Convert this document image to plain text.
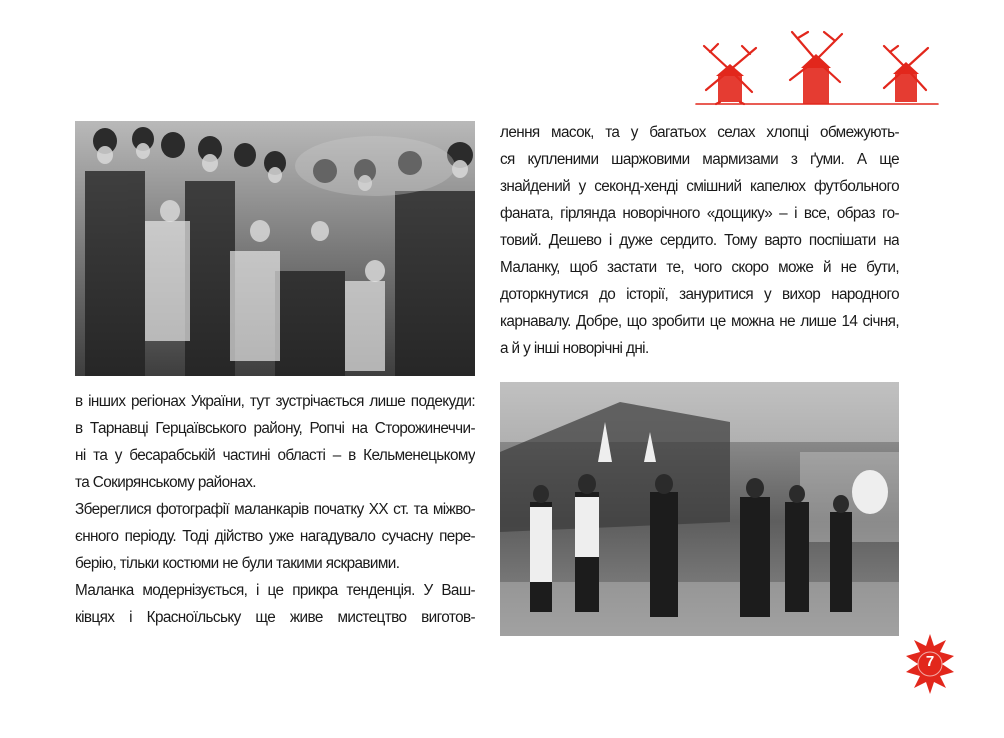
лення масок, та у багатьох селах хлопці обмежують-
ся купленими шаржовими мармизами з ґуми. А ще
знайдений у секонд-хенді смішний капелюх футбольного
фаната, гірлянда новорічного «дощику» – і все, образ го-
товий. Дешево і дуже сердито. Тому варто поспішати на
Маланку, щоб застати те, чого скоро може й не бути,
доторкнутися до історії, зануритися у вихор народного
карнавалу. Добре, що зробити це можна не лише 14 січня,
а й у інші новорічні дні.
в інших регіонах України, тут зустрічається лише подекуди:
в Тарнавці Герцаївського району, Ропчі на Сторожинеччи-
ні та у бесарабській частині області – в Кельменецькому
та Сокирянському районах.
Збереглися фотографії маланкарів початку ХХ ст. та міжво-
єнного періоду. Тоді дійство уже нагадувало сучасну пере-
берію, тільки костюми не були такими яскравими.
Маланка модернізується, і це прикра тенденція. У Ваш-
ківцях і Красноїльську ще живе мистецтво виготов-
7
